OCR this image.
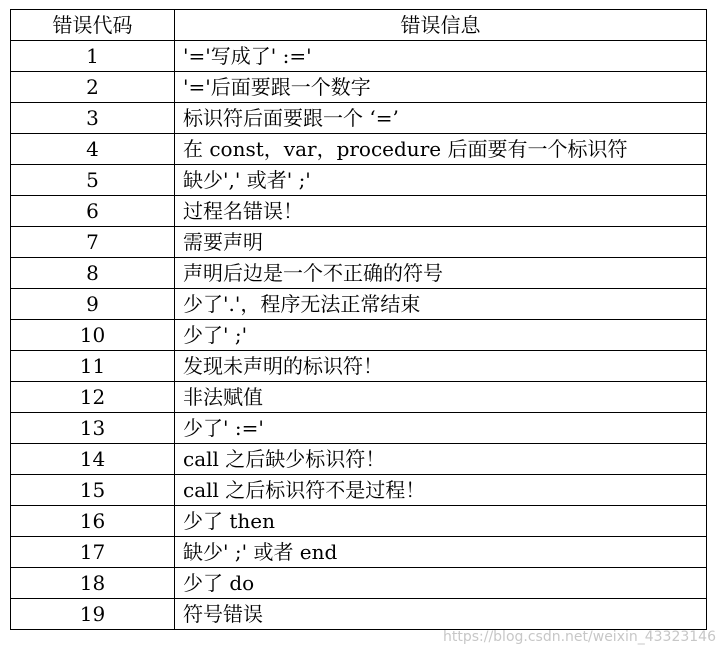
错误代码	错误信息
1	'='写成了' :='
2	'='后面要跟一个数字
3	标识符后面要跟一个 ‘=’
4	在 const，var，procedure 后面要有一个标识符
5	缺少',' 或者' ;'
6	过程名错误！
7	需要声明
8	声明后边是一个不正确的符号
9	少了'.'，程序无法正常结束
10	少了' ;'
11	发现未声明的标识符！
12	非法赋值
13	少了' :='
14	call 之后缺少标识符！
15	call 之后标识符不是过程！
16	少了 then
17	缺少' ;' 或者 end
18	少了 do
19	符号错误
https://blog.csdn.net/weixin_43323146
